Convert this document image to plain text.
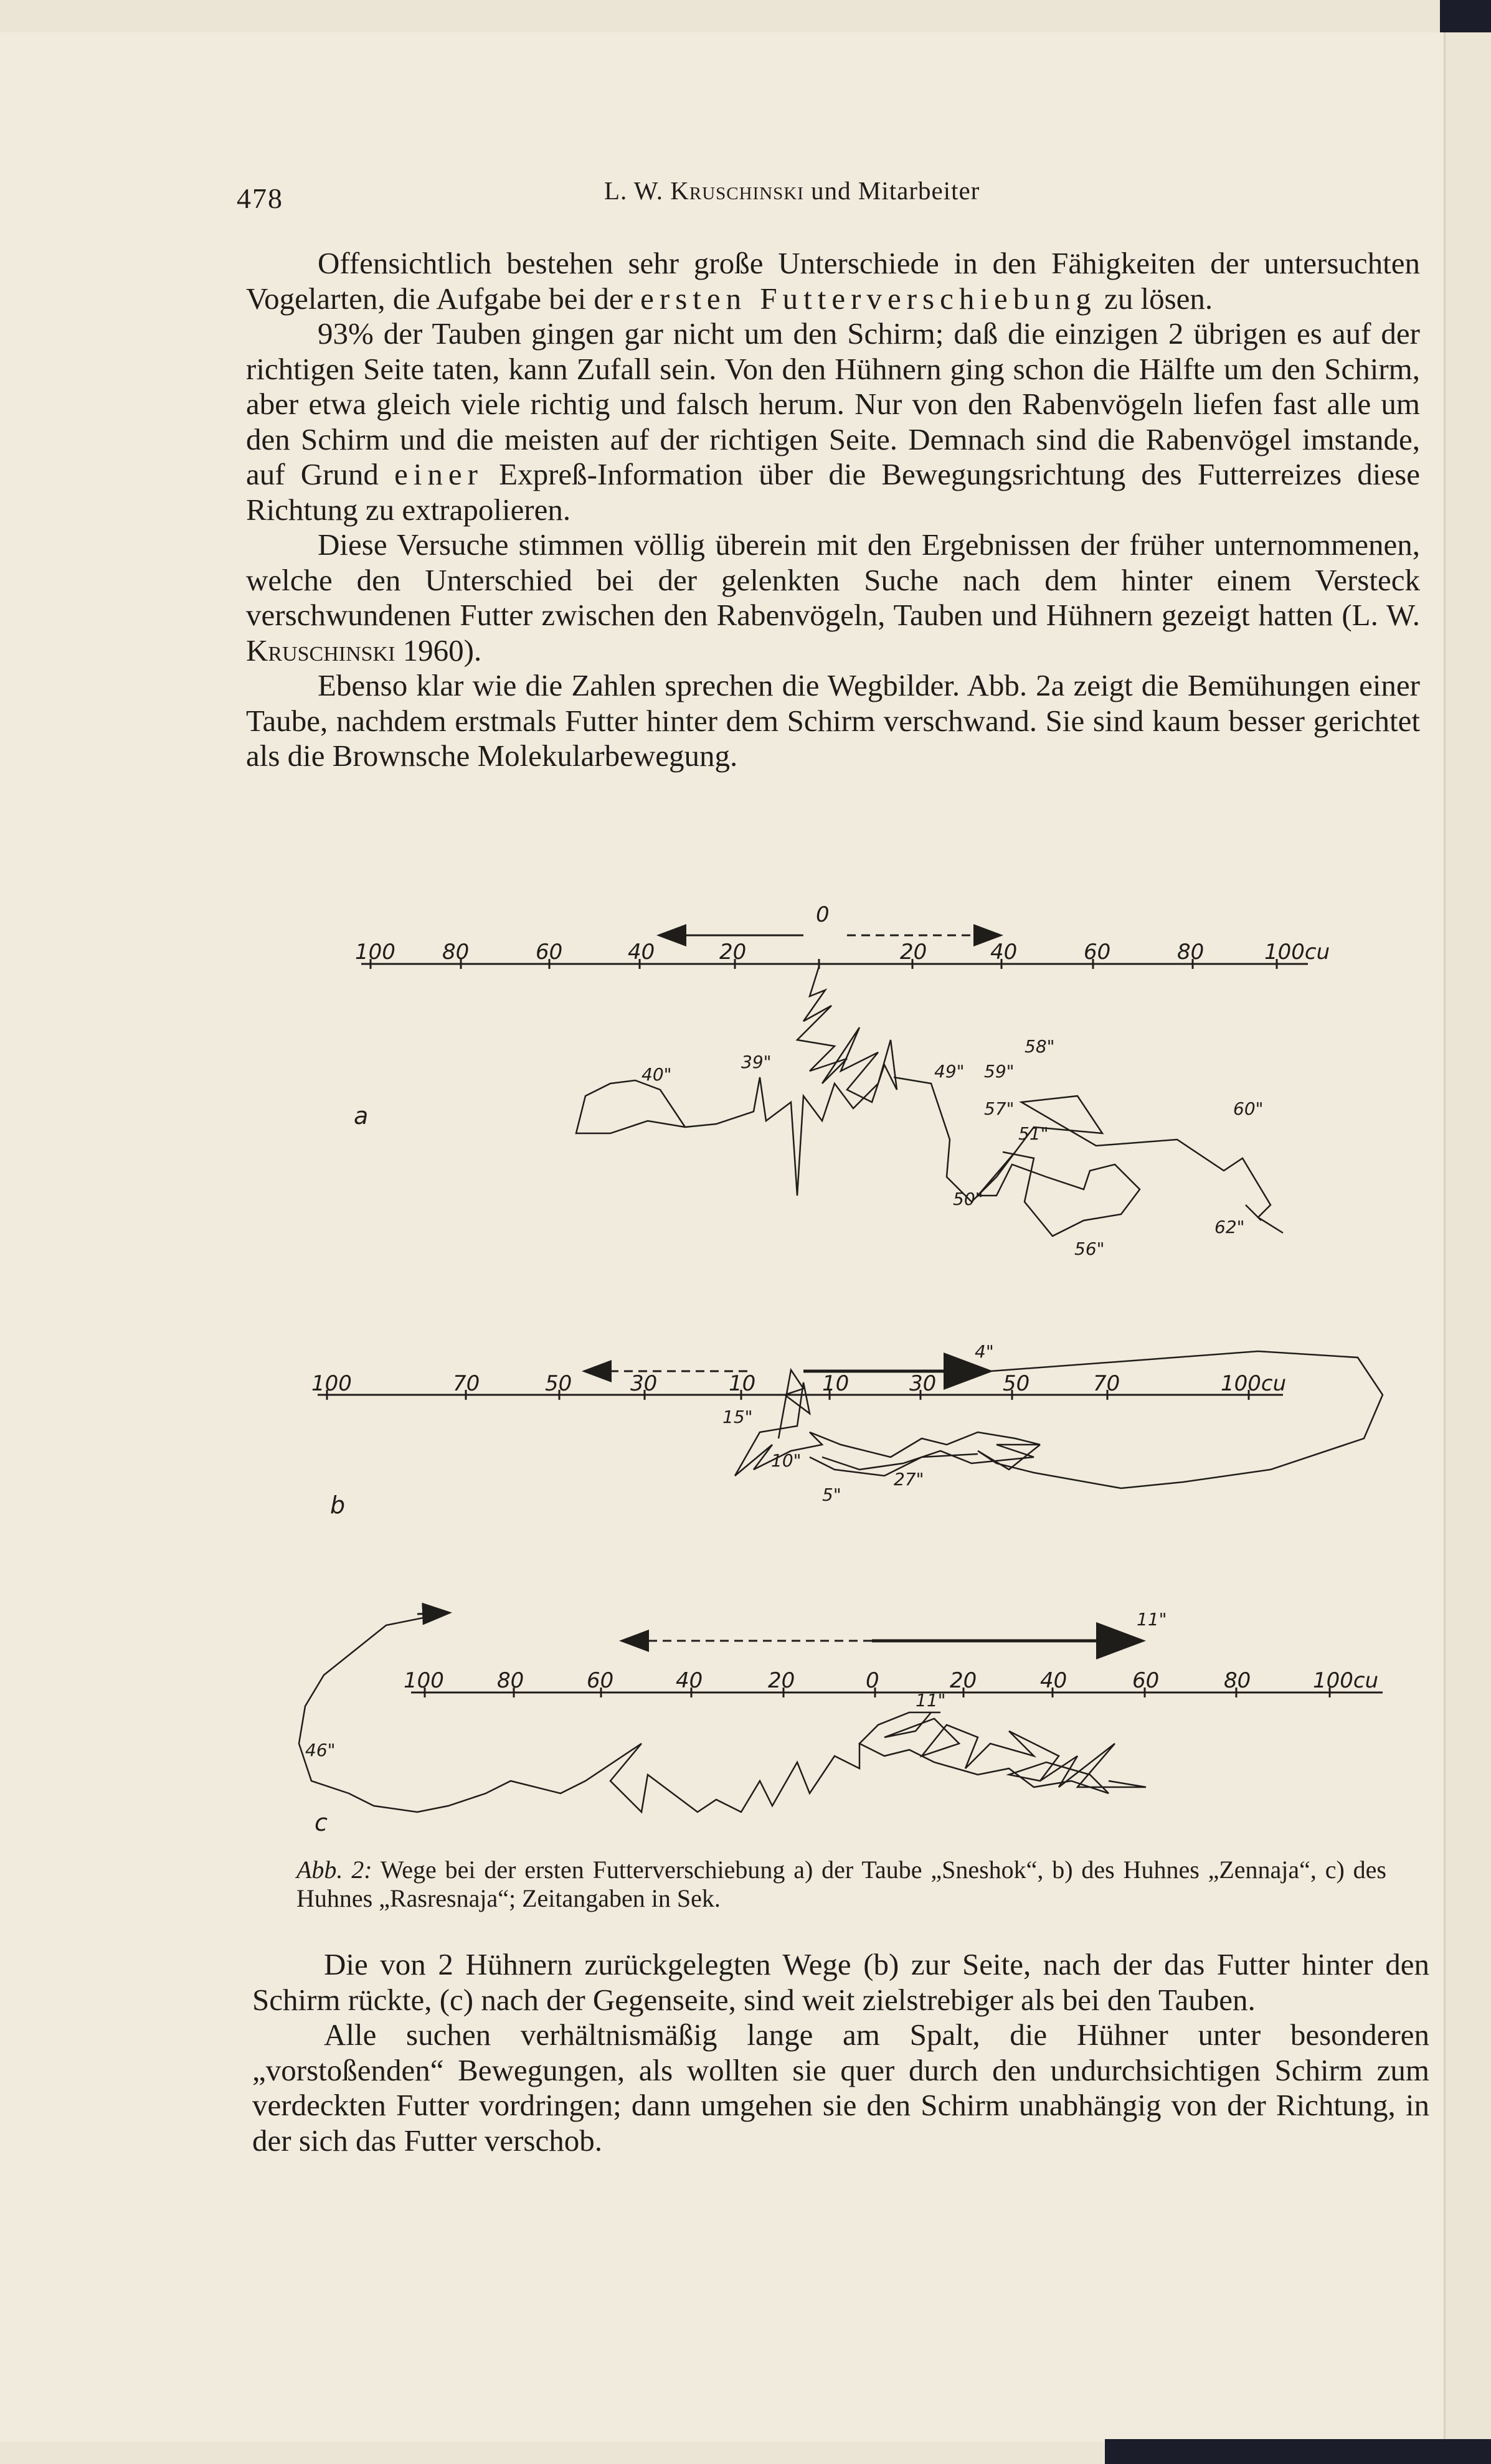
478	L. W. Kruschinski und Mitarbeiter

Offensichtlich bestehen sehr große Unterschiede in den Fähigkeiten der untersuchten Vogelarten, die Aufgabe bei der ersten Futterverschiebung zu lösen.

93% der Tauben gingen gar nicht um den Schirm; daß die einzigen 2 übrigen es auf der richtigen Seite taten, kann Zufall sein. Von den Hühnern ging schon die Hälfte um den Schirm, aber etwa gleich viele richtig und falsch herum. Nur von den Rabenvögeln liefen fast alle um den Schirm und die meisten auf der richtigen Seite. Demnach sind die Rabenvögel imstande, auf Grund einer Expreß-Information über die Bewegungsrichtung des Futterreizes diese Richtung zu extrapolieren.

Diese Versuche stimmen völlig überein mit den Ergebnissen der früher unternommenen, welche den Unterschied bei der gelenkten Suche nach dem hinter einem Versteck verschwundenen Futter zwischen den Rabenvögeln, Tauben und Hühnern gezeigt hatten (L. W. Kruschinski 1960).

Ebenso klar wie die Zahlen sprechen die Wegbilder. Abb. 2a zeigt die Bemühungen einer Taube, nachdem erstmals Futter hinter dem Schirm verschwand. Sie sind kaum besser gerichtet als die Brownsche Molekularbewegung.

100 80	60	40	20
0
20	40	60	80	100cu
40"
39"	49" 59"
58"
57"
51"
50"
56"
60"
62"
a
100	70	50	30	10	10	30	50	70	100cu
4"
15"
10"
5"
27"
b
100	80	60	40	20	0	20	40	60	80	100cu
11"
11"
46"
c
Abb. 2: Wege bei der ersten Futterverschiebung a) der Taube „Sneshok“, b) des Huhnes „Zennaja“, c) des Huhnes „Rasresnaja“; Zeitangaben in Sek.

Die von 2 Hühnern zurückgelegten Wege (b) zur Seite, nach der das Futter hinter den Schirm rückte, (c) nach der Gegenseite, sind weit zielstrebiger als bei den Tauben.

Alle suchen verhältnismäßig lange am Spalt, die Hühner unter besonderen „vorstoßenden“ Bewegungen, als wollten sie quer durch den undurchsichtigen Schirm zum verdeckten Futter vordringen; dann umgehen sie den Schirm unabhängig von der Richtung, in der sich das Futter verschob.
